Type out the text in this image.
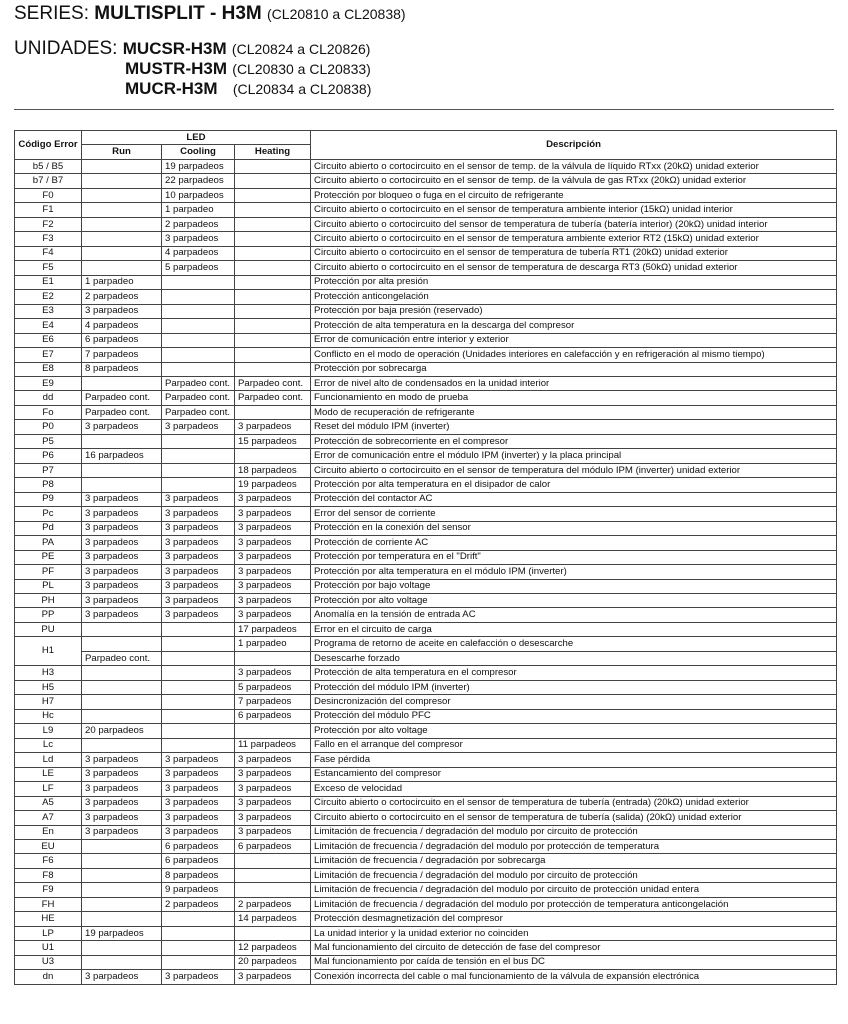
SERIES: MULTISPLIT - H3M (CL20810 a CL20838)
UNIDADES: MUCSR-H3M (CL20824 a CL20826)
MUSTR-H3M (CL20830 a CL20833)
MUCR-H3M (CL20834 a CL20838)
Código Error	LED			Descripción
	Run	Cooling	Heating	
b5 / B5		19 parpadeos		Circuito abierto o cortocircuito en el sensor de temp. de la válvula de líquido RTxx (20kΩ) unidad exterior
b7 / B7		22 parpadeos		Circuito abierto o cortocircuito en el sensor de temp. de la válvula de gas RTxx (20kΩ) unidad exterior
F0		10 parpadeos		Protección por bloqueo o fuga en el circuito de refrigerante
F1		1 parpadeo		Circuito abierto o cortocircuito en el sensor de temperatura ambiente interior (15kΩ) unidad interior
F2		2 parpadeos		Circuito abierto o cortocircuito del sensor de temperatura de tubería (batería interior) (20kΩ) unidad interior
F3		3 parpadeos		Circuito abierto o cortocircuito en el sensor de temperatura ambiente exterior RT2 (15kΩ) unidad exterior
F4		4 parpadeos		Circuito abierto o cortocircuito en el sensor de temperatura de tubería RT1 (20kΩ) unidad exterior
F5		5 parpadeos		Circuito abierto o cortocircuito en el sensor de temperatura de descarga RT3 (50kΩ) unidad exterior
E1	1 parpadeo			Protección por alta presión
E2	2 parpadeos			Protección anticongelación
E3	3 parpadeos			Protección por baja presión (reservado)
E4	4 parpadeos			Protección de alta temperatura en la descarga del compresor
E6	6 parpadeos			Error de comunicación entre interior y exterior
E7	7 parpadeos			Conflicto en el modo de operación (Unidades interiores en calefacción y en refrigeración al mismo tiempo)
E8	8 parpadeos			Protección por sobrecarga
E9		Parpadeo cont.	Parpadeo cont.	Error de nivel alto de condensados en la unidad interior
dd	Parpadeo cont.	Parpadeo cont.	Parpadeo cont.	Funcionamiento en modo de prueba
Fo	Parpadeo cont.	Parpadeo cont.		Modo de recuperación de refrigerante
P0	3 parpadeos	3 parpadeos	3 parpadeos	Reset del módulo IPM (inverter)
P5			15 parpadeos	Protección de sobrecorriente en el compresor
P6	16 parpadeos			Error de comunicación entre el módulo IPM (inverter) y la placa principal
P7			18 parpadeos	Circuito abierto o cortocircuito en el sensor de temperatura del módulo IPM (inverter) unidad exterior
P8			19 parpadeos	Protección por alta temperatura en el disipador de calor
P9	3 parpadeos	3 parpadeos	3 parpadeos	Protección del contactor AC
Pc	3 parpadeos	3 parpadeos	3 parpadeos	Error del sensor de corriente
Pd	3 parpadeos	3 parpadeos	3 parpadeos	Protección en la conexión del sensor
PA	3 parpadeos	3 parpadeos	3 parpadeos	Protección de corriente AC
PE	3 parpadeos	3 parpadeos	3 parpadeos	Protección por temperatura en el "Drift"
PF	3 parpadeos	3 parpadeos	3 parpadeos	Protección por alta temperatura en el módulo IPM (inverter)
PL	3 parpadeos	3 parpadeos	3 parpadeos	Protección por bajo voltage
PH	3 parpadeos	3 parpadeos	3 parpadeos	Protección por alto voltage
PP	3 parpadeos	3 parpadeos	3 parpadeos	Anomalía en la tensión de entrada AC
PU			17 parpadeos	Error en el circuito de carga
H1			1 parpadeo	Programa de retorno de aceite en calefacción o desescarche
	Parpadeo cont.			Desescarhe forzado
H3			3 parpadeos	Protección de alta temperatura en el compresor
H5			5 parpadeos	Protección del módulo IPM (inverter)
H7			7 parpadeos	Desincronización del compresor
Hc			6 parpadeos	Protección del módulo PFC
L9	20 parpadeos			Protección por alto voltage
Lc			11 parpadeos	Fallo en el arranque del compresor
Ld	3 parpadeos	3 parpadeos	3 parpadeos	Fase pérdida
LE	3 parpadeos	3 parpadeos	3 parpadeos	Estancamiento del compresor
LF	3 parpadeos	3 parpadeos	3 parpadeos	Exceso de velocidad
A5	3 parpadeos	3 parpadeos	3 parpadeos	Circuito abierto o cortocircuito en el sensor de temperatura de tubería (entrada) (20kΩ) unidad exterior
A7	3 parpadeos	3 parpadeos	3 parpadeos	Circuito abierto o cortocircuito en el sensor de temperatura de tubería (salida) (20kΩ) unidad exterior
En	3 parpadeos	3 parpadeos	3 parpadeos	Limitación de frecuencia / degradación del modulo por circuito de protección
EU		6 parpadeos	6 parpadeos	Limitación de frecuencia / degradación del modulo por protección de temperatura
F6		6 parpadeos		Limitación de frecuencia / degradación por sobrecarga
F8		8 parpadeos		Limitación de frecuencia / degradación del modulo por circuito de protección
F9		9 parpadeos		Limitación de frecuencia / degradación del modulo por circuito de protección unidad entera
FH		2 parpadeos	2 parpadeos	Limitación de frecuencia / degradación del modulo por protección de temperatura anticongelación
HE			14 parpadeos	Protección desmagnetización del compresor
LP	19 parpadeos			La unidad interior y la unidad exterior no coinciden
U1			12 parpadeos	Mal funcionamiento del circuito de detección de fase del compresor
U3			20 parpadeos	Mal funcionamiento por caída de tensión en el bus DC
dn	3 parpadeos	3 parpadeos	3 parpadeos	Conexión incorrecta del cable o mal funcionamiento de la válvula de expansión electrónica
